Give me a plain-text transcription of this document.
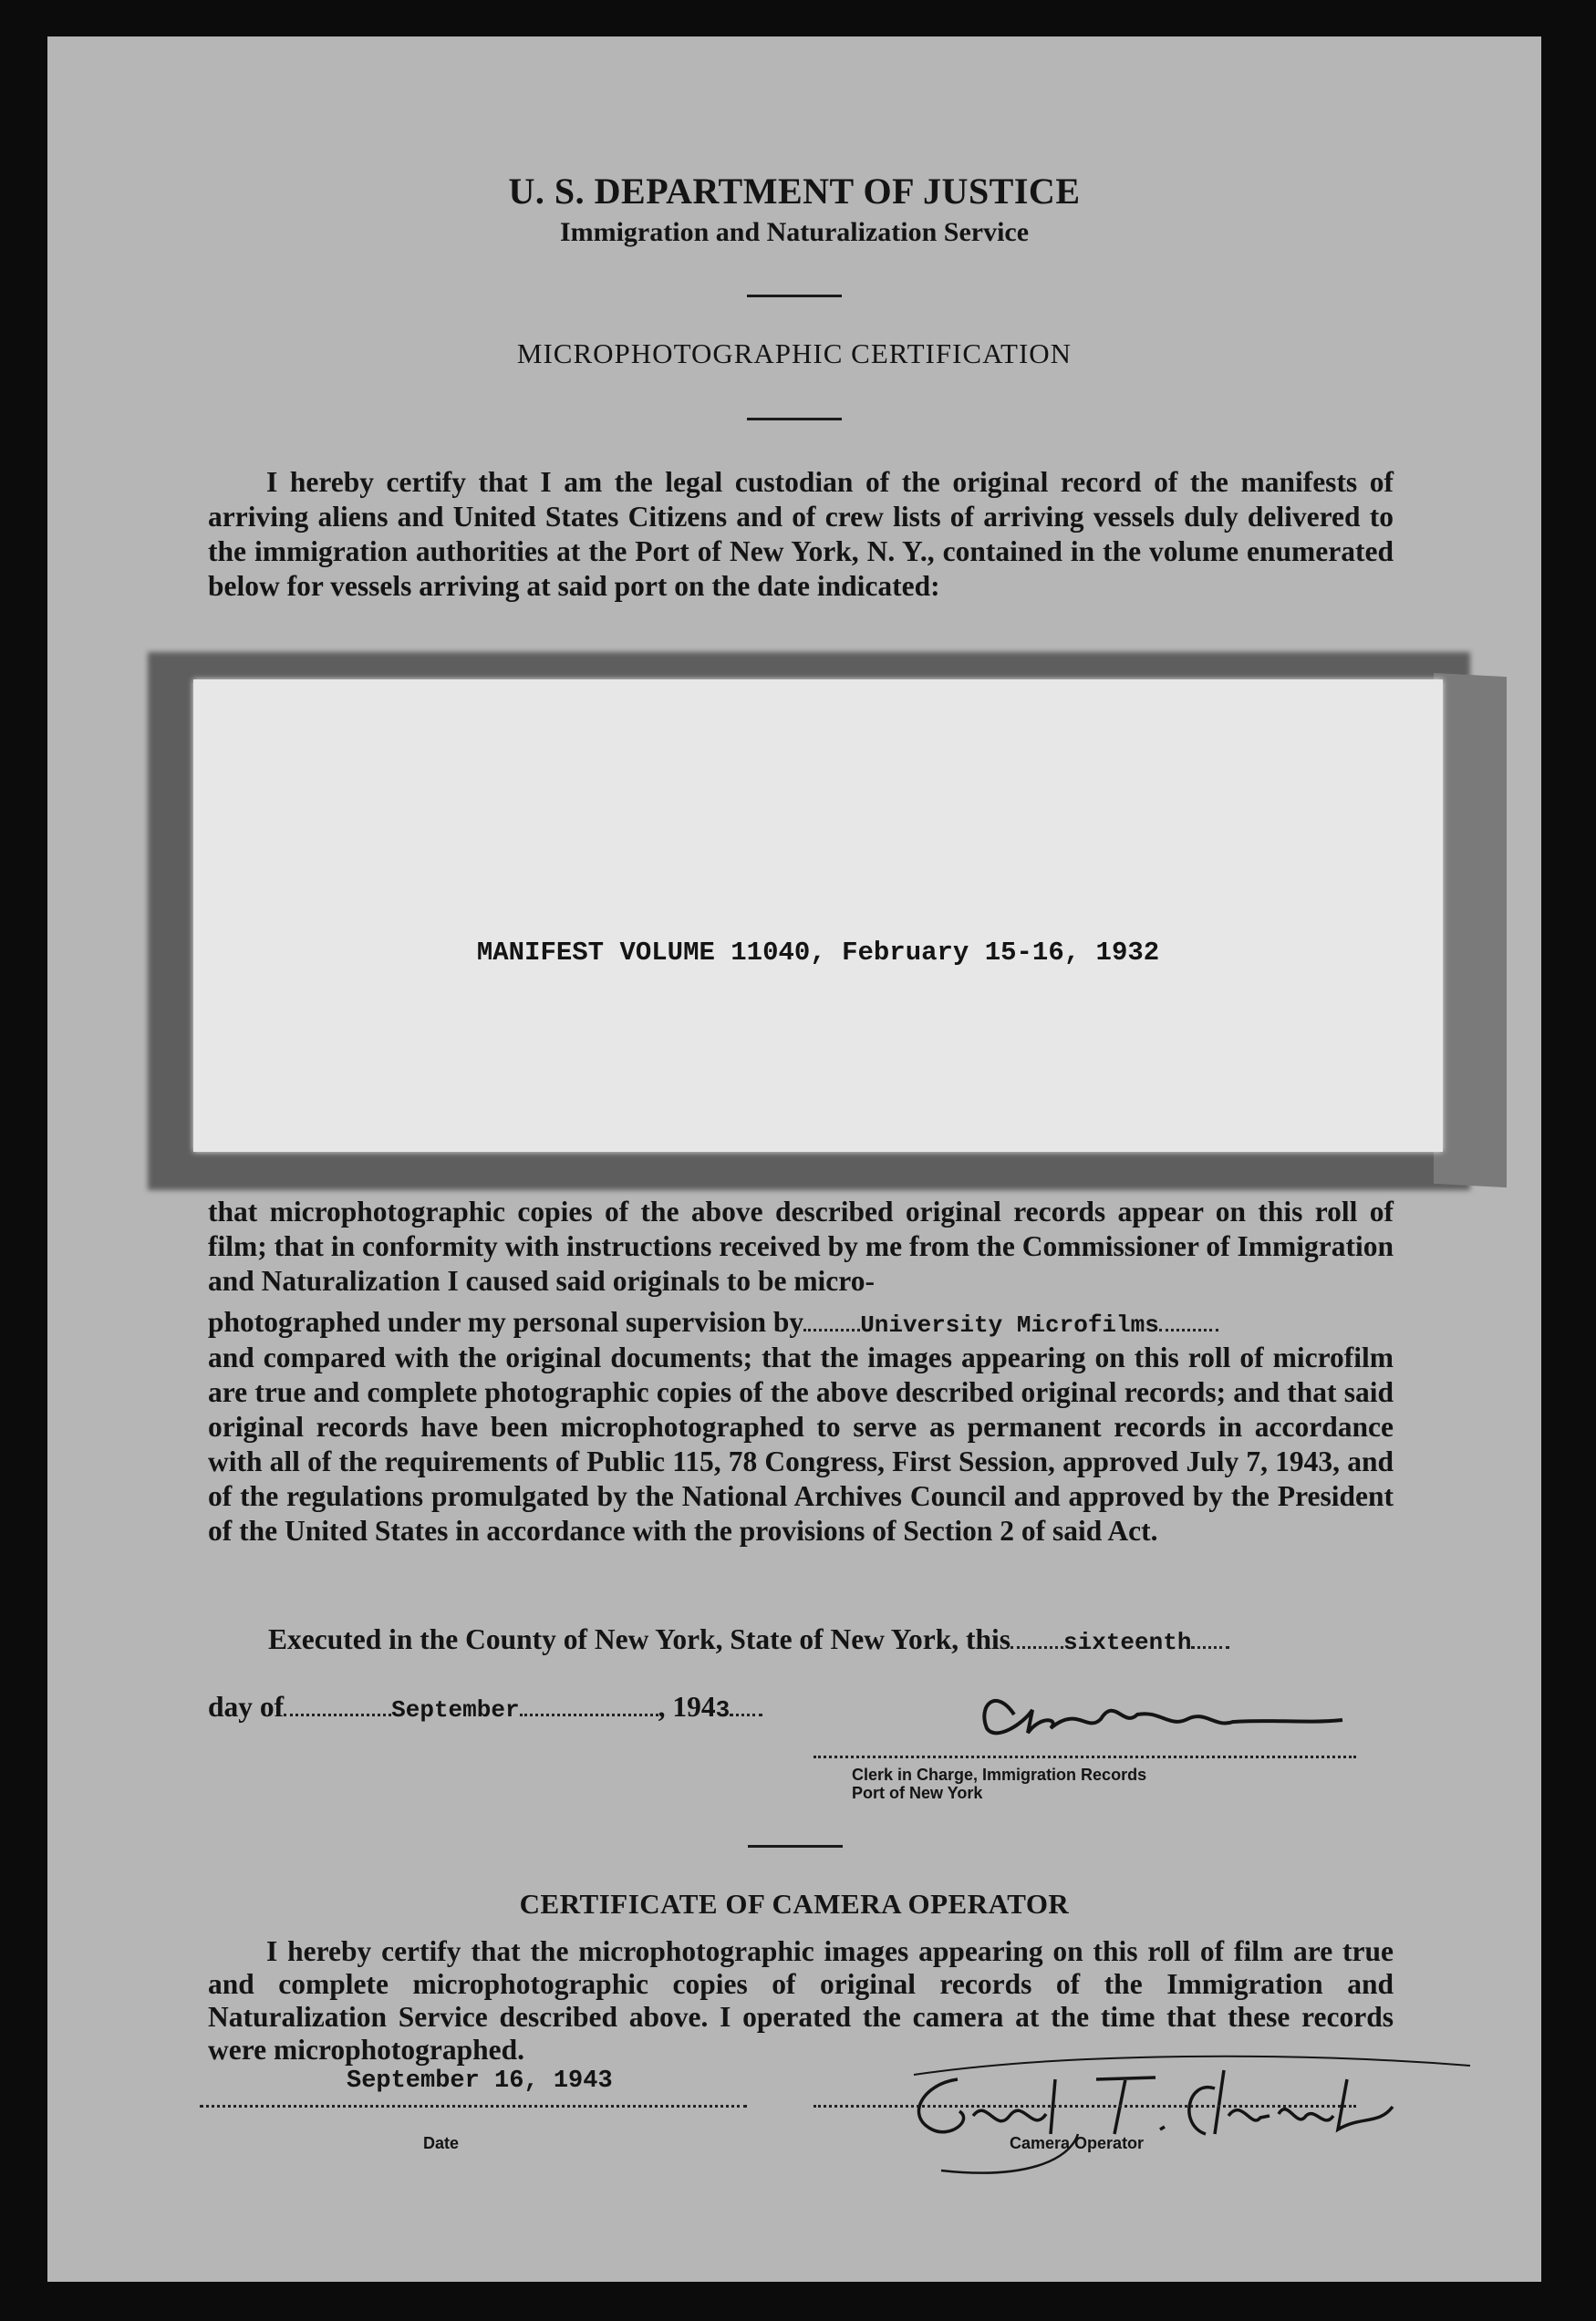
U. S. DEPARTMENT OF JUSTICE
Immigration and Naturalization Service
MICROPHOTOGRAPHIC CERTIFICATION
I hereby certify that I am the legal custodian of the original record of the manifests of arriving aliens and United States Citizens and of crew lists of arriving vessels duly delivered to the immigration authorities at the Port of New York, N. Y., contained in the volume enumerated below for vessels arriving at said port on the date indicated:
MANIFEST VOLUME 11040, February 15-16, 1932
that microphotographic copies of the above described original records appear on this roll of film; that in conformity with instructions received by me from the Commissioner of Immigration and Naturalization I caused said originals to be micro-
photographed under my personal supervision by University Microfilms
and compared with the original documents; that the images appearing on this roll of microfilm are true and complete photographic copies of the above described original records; and that said original records have been microphotographed to serve as permanent records in accordance with all of the requirements of Public 115, 78 Congress, First Session, approved July 7, 1943, and of the regulations promulgated by the National Archives Council and approved by the President of the United States in accordance with the provisions of Section 2 of said Act.
Executed in the County of New York, State of New York, this sixteenth
day of	September	, 1943
Clerk in Charge, Immigration Records
Port of New York
CERTIFICATE OF CAMERA OPERATOR
I hereby certify that the microphotographic images appearing on this roll of film are true and complete microphotographic copies of original records of the Immigration and Naturalization Service described above. I operated the camera at the time that these records were microphotographed.
September 16, 1943
Date	Camera Operator
